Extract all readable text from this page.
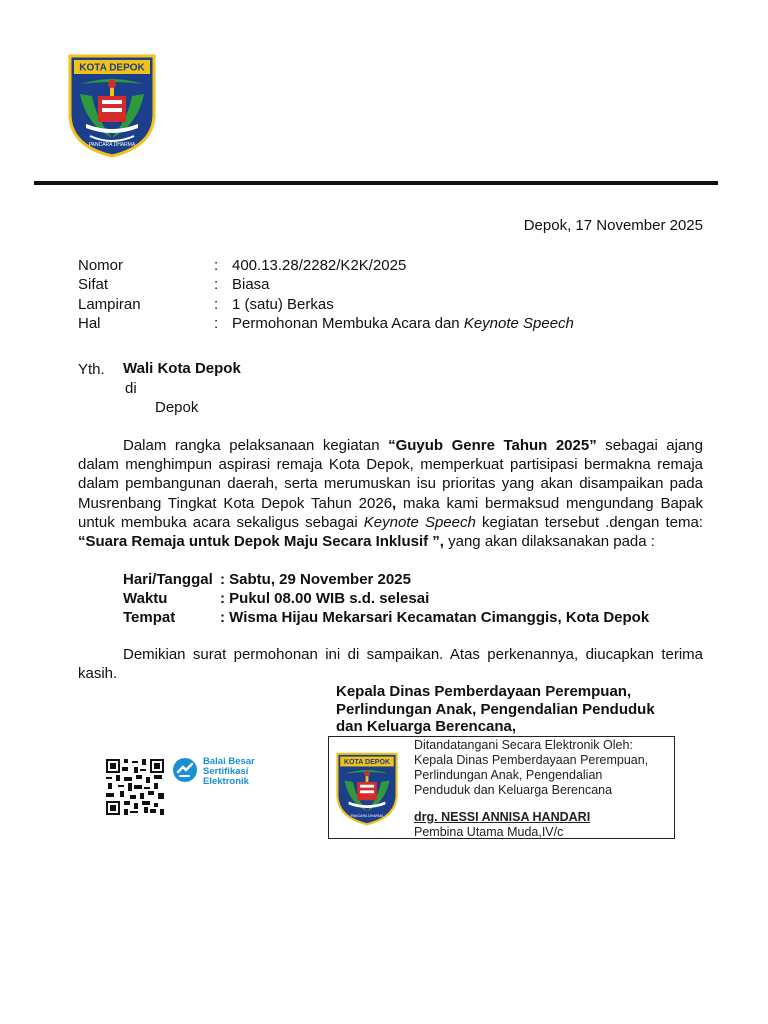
KOTA DEPOK
PANCARA DHARMA
Depok, 17 November 2025
Nomor	: 400.13.28/2282/K2K/2025
Sifat	: Biasa
Lampiran	: 1 (satu) Berkas
Hal	: Permohonan Membuka Acara dan Keynote Speech
Yth. Wali Kota Depok
di
Depok
Dalam rangka pelaksanaan kegiatan “Guyub Genre Tahun 2025” sebagai ajang dalam menghimpun aspirasi remaja Kota Depok, memperkuat partisipasi bermakna remaja dalam pembangunan daerah, serta merumuskan isu prioritas yang akan disampaikan pada Musrenbang Tingkat Kota Depok Tahun 2026, maka kami bermaksud mengundang Bapak untuk membuka acara sekaligus sebagai Keynote Speech kegiatan tersebut .dengan tema: “Suara Remaja untuk Depok Maju Secara Inklusif ”, yang akan dilaksanakan pada :
Hari/Tanggal : Sabtu, 29 November 2025
Waktu	: Pukul 08.00 WIB s.d. selesai
Tempat	: Wisma Hijau Mekarsari Kecamatan Cimanggis, Kota Depok
Demikian surat permohonan ini di sampaikan. Atas perkenannya, diucapkan terima kasih.
Kepala Dinas Pemberdayaan Perempuan,
Perlindungan Anak, Pengendalian Penduduk
dan Keluarga Berencana,
Balai Besar
Sertifikasi
Elektronik
KOTA DEPOK
PANCARA DHARMA
Ditandatangani Secara Elektronik Oleh:
Kepala Dinas Pemberdayaan Perempuan,
Perlindungan Anak, Pengendalian
Penduduk dan Keluarga Berencana
drg. NESSI ANNISA HANDARI
Pembina Utama Muda,IV/c
